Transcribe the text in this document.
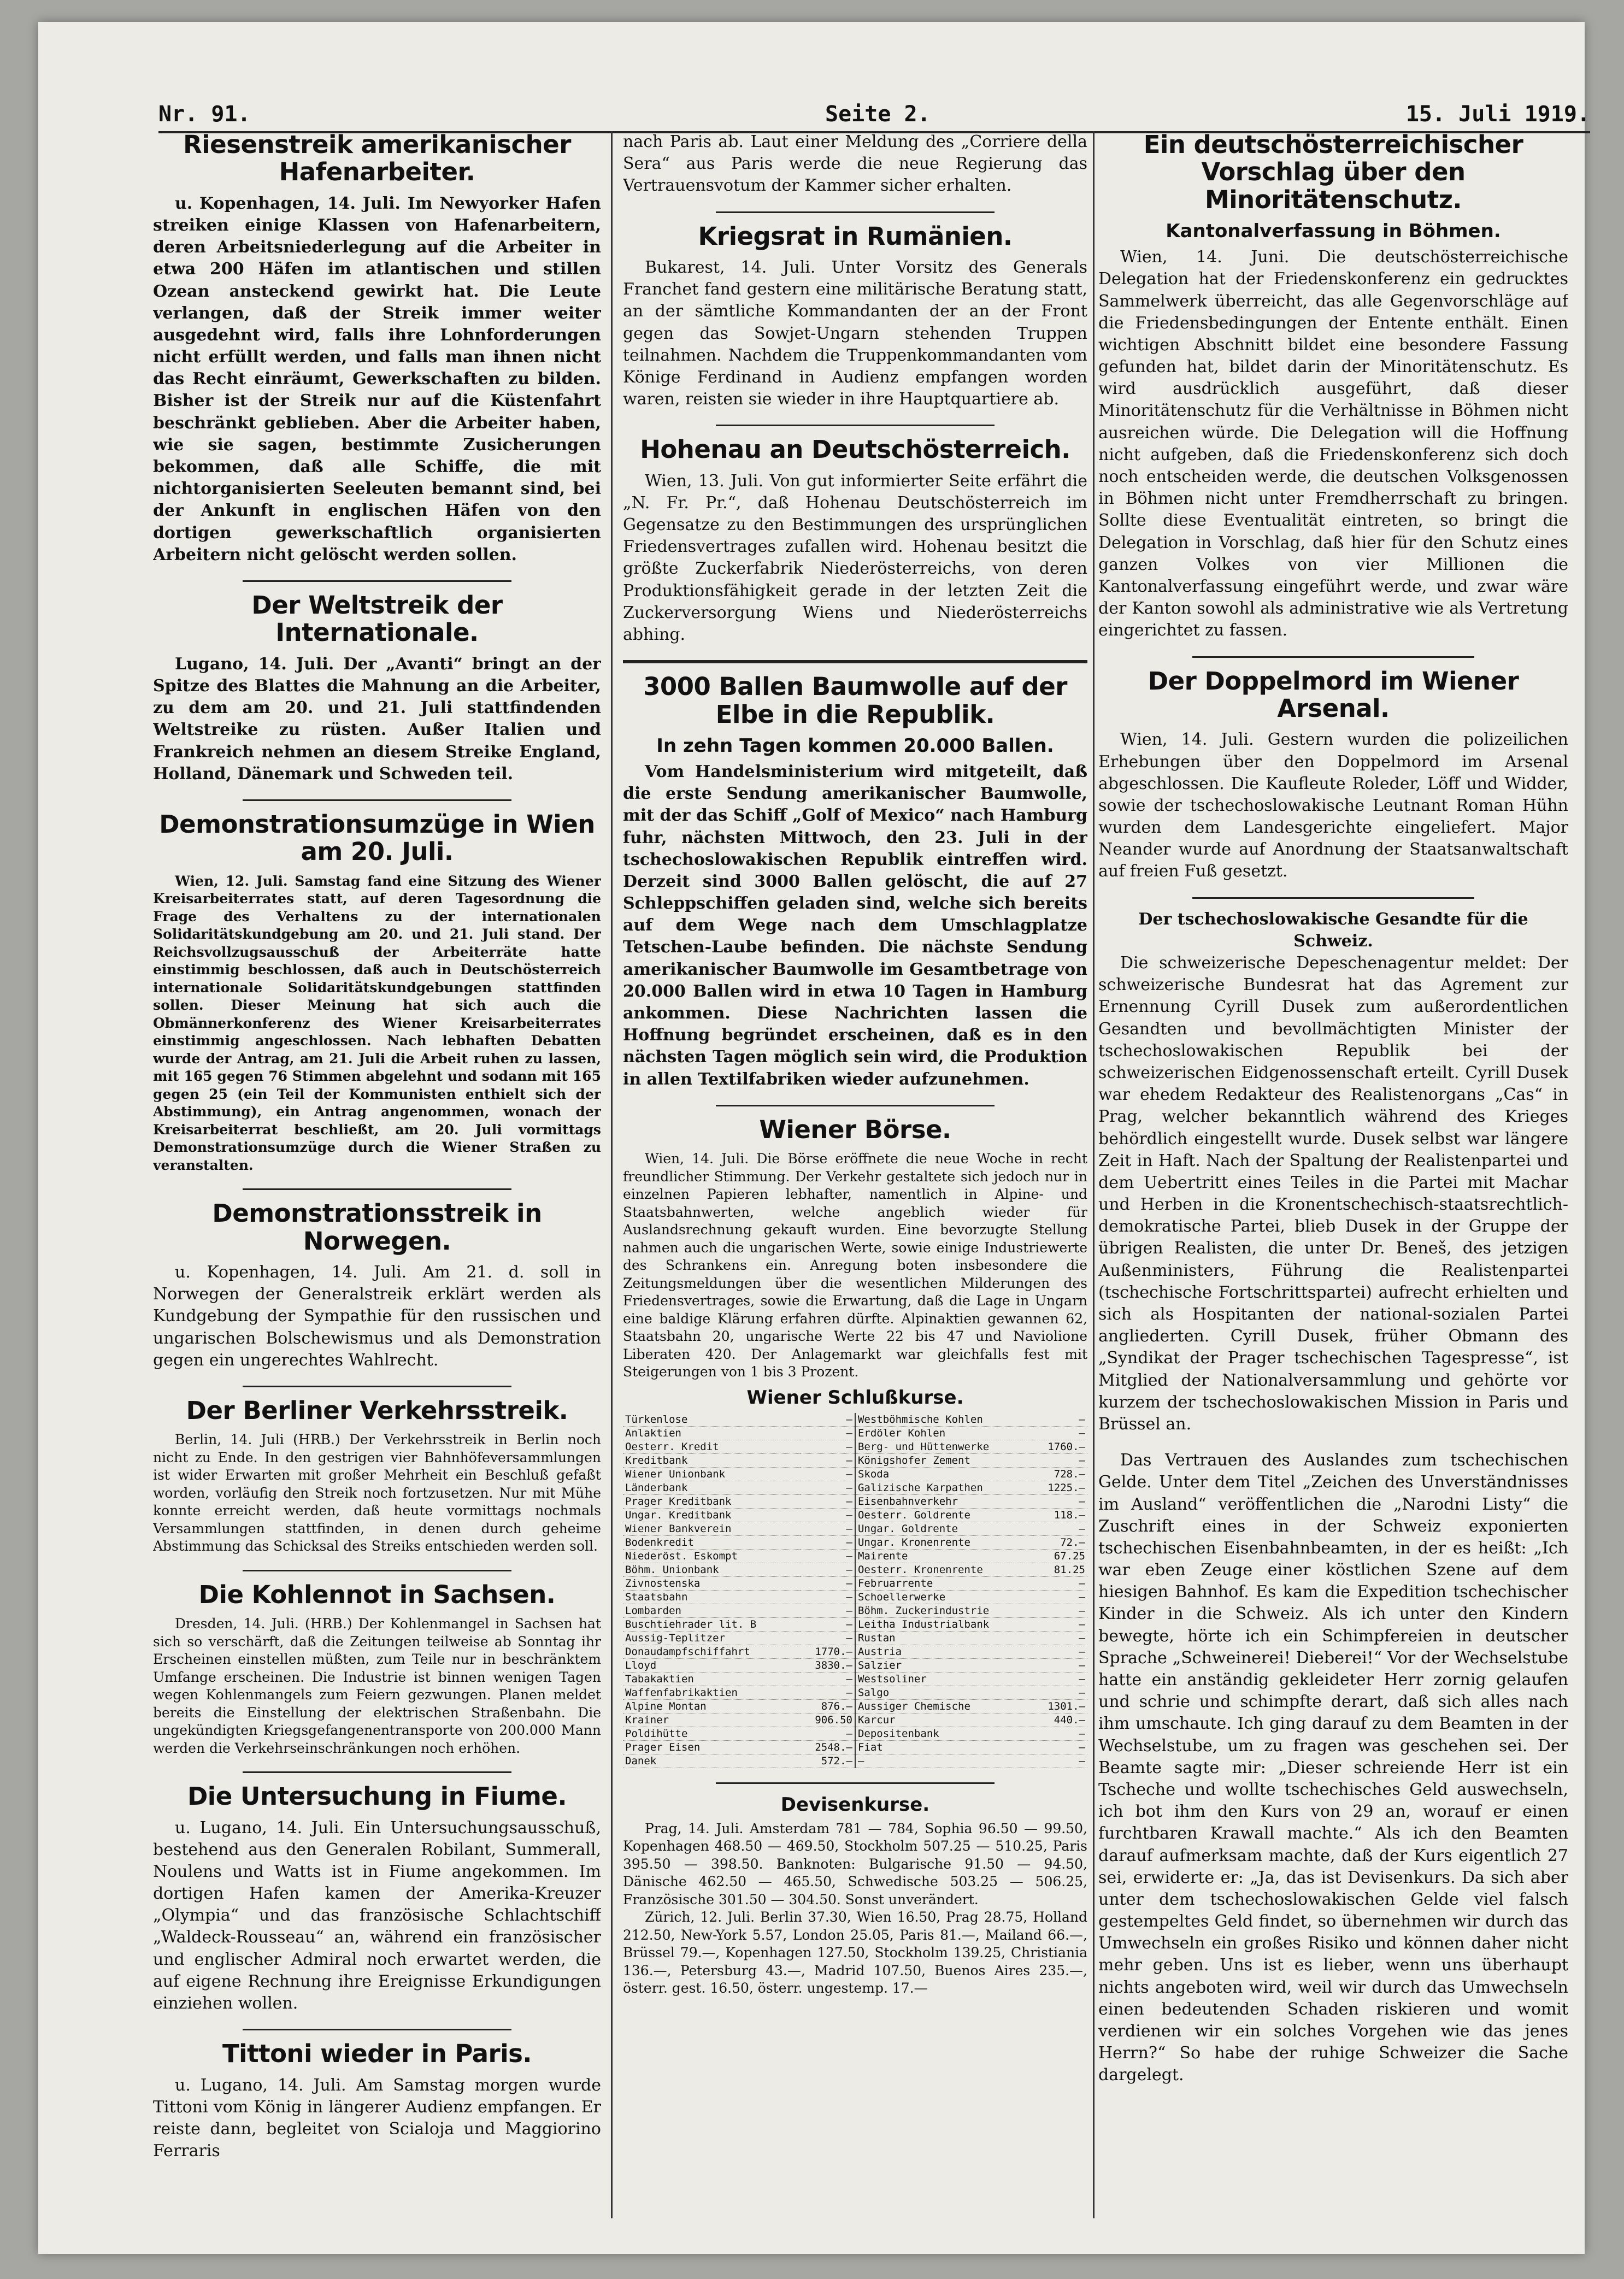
Nr. 91.	Seite 2.	15. Juli 1919.
Riesenstreik amerikanischer Hafenarbeiter.

u. Kopenhagen, 14. Juli. Im Newyorker Hafen streiken einige Klassen von Hafenarbeitern, deren Arbeitsniederlegung auf die Arbeiter in etwa 200 Häfen im atlantischen und stillen Ozean ansteckend gewirkt hat. Die Leute verlangen, daß der Streik immer weiter ausgedehnt wird, falls ihre Lohnforderungen nicht erfüllt werden, und falls man ihnen nicht das Recht einräumt, Gewerkschaften zu bilden. Bisher ist der Streik nur auf die Küstenfahrt beschränkt geblieben. Aber die Arbeiter haben, wie sie sagen, bestimmte Zusicherungen bekommen, daß alle Schiffe, die mit nichtorganisierten Seeleuten bemannt sind, bei der Ankunft in englischen Häfen von den dortigen gewerkschaftlich organisierten Arbeitern nicht gelöscht werden sollen.

Der Weltstreik der Internationale.

Lugano, 14. Juli. Der „Avanti“ bringt an der Spitze des Blattes die Mahnung an die Arbeiter, zu dem am 20. und 21. Juli stattfindenden Weltstreike zu rüsten. Außer Italien und Frankreich nehmen an diesem Streike England, Holland, Dänemark und Schweden teil.

Demonstrationsumzüge in Wien am 20. Juli.

Wien, 12. Juli. Samstag fand eine Sitzung des Wiener Kreisarbeiterrates statt, auf deren Tagesordnung die Frage des Verhaltens zu der internationalen Solidaritätskundgebung am 20. und 21. Juli stand. Der Reichsvollzugsausschuß der Arbeiterräte hatte einstimmig beschlossen, daß auch in Deutschösterreich internationale Solidaritätskundgebungen stattfinden sollen. Dieser Meinung hat sich auch die Obmännerkonferenz des Wiener Kreisarbeiterrates einstimmig angeschlossen. Nach lebhaften Debatten wurde der Antrag, am 21. Juli die Arbeit ruhen zu lassen, mit 165 gegen 76 Stimmen abgelehnt und sodann mit 165 gegen 25 (ein Teil der Kommunisten enthielt sich der Abstimmung), ein Antrag angenommen, wonach der Kreisarbeiterrat beschließt, am 20. Juli vormittags Demonstrationsumzüge durch die Wiener Straßen zu veranstalten.

Demonstrationsstreik in Norwegen.

u. Kopenhagen, 14. Juli. Am 21. d. soll in Norwegen der Generalstreik erklärt werden als Kundgebung der Sympathie für den russischen und ungarischen Bolschewismus und als Demonstration gegen ein ungerechtes Wahlrecht.

Der Berliner Verkehrsstreik.

Berlin, 14. Juli (HRB.) Der Verkehrsstreik in Berlin noch nicht zu Ende. In den gestrigen vier Bahnhöfeversammlungen ist wider Erwarten mit großer Mehrheit ein Beschluß gefaßt worden, vorläufig den Streik noch fortzusetzen. Nur mit Mühe konnte erreicht werden, daß heute vormittags nochmals Versammlungen stattfinden, in denen durch geheime Abstimmung das Schicksal des Streiks entschieden werden soll.

Die Kohlennot in Sachsen.

Dresden, 14. Juli. (HRB.) Der Kohlenmangel in Sachsen hat sich so verschärft, daß die Zeitungen teilweise ab Sonntag ihr Erscheinen einstellen müßten, zum Teile nur in beschränktem Umfange erscheinen. Die Industrie ist binnen wenigen Tagen wegen Kohlenmangels zum Feiern gezwungen. Planen meldet bereits die Einstellung der elektrischen Straßenbahn. Die ungekündigten Kriegsgefangenentransporte von 200.000 Mann werden die Verkehrseinschränkungen noch erhöhen.

Die Untersuchung in Fiume.

u. Lugano, 14. Juli. Ein Untersuchungsausschuß, bestehend aus den Generalen Robilant, Summerall, Noulens und Watts ist in Fiume angekommen. Im dortigen Hafen kamen der Amerika-Kreuzer „Olympia“ und das französische Schlachtschiff „Waldeck-Rousseau“ an, während ein französischer und englischer Admiral noch erwartet werden, die auf eigene Rechnung ihre Ereignisse Erkundigungen einziehen wollen.

Tittoni wieder in Paris.

u. Lugano, 14. Juli. Am Samstag morgen wurde Tittoni vom König in längerer Audienz empfangen. Er reiste dann, begleitet von Scialoja und Maggiorino Ferraris

nach Paris ab. Laut einer Meldung des „Corriere della Sera“ aus Paris werde die neue Regierung das Vertrauensvotum der Kammer sicher erhalten.

Kriegsrat in Rumänien.

Bukarest, 14. Juli. Unter Vorsitz des Generals Franchet fand gestern eine militärische Beratung statt, an der sämtliche Kommandanten der an der Front gegen das Sowjet-Ungarn stehenden Truppen teilnahmen. Nachdem die Truppenkommandanten vom Könige Ferdinand in Audienz empfangen worden waren, reisten sie wieder in ihre Hauptquartiere ab.

Hohenau an Deutschösterreich.

Wien, 13. Juli. Von gut informierter Seite erfährt die „N. Fr. Pr.“, daß Hohenau Deutschösterreich im Gegensatze zu den Bestimmungen des ursprünglichen Friedensvertrages zufallen wird. Hohenau besitzt die größte Zuckerfabrik Niederösterreichs, von deren Produktionsfähigkeit gerade in der letzten Zeit die Zuckerversorgung Wiens und Niederösterreichs abhing.

3000 Ballen Baumwolle auf der Elbe in die Republik.
In zehn Tagen kommen 20.000 Ballen.

Vom Handelsministerium wird mitgeteilt, daß die erste Sendung amerikanischer Baumwolle, mit der das Schiff „Golf of Mexico“ nach Hamburg fuhr, nächsten Mittwoch, den 23. Juli in der tschechoslowakischen Republik eintreffen wird. Derzeit sind 3000 Ballen gelöscht, die auf 27 Schleppschiffen geladen sind, welche sich bereits auf dem Wege nach dem Umschlagplatze Tetschen-Laube befinden. Die nächste Sendung amerikanischer Baumwolle im Gesamtbetrage von 20.000 Ballen wird in etwa 10 Tagen in Hamburg ankommen. Diese Nachrichten lassen die Hoffnung begründet erscheinen, daß es in den nächsten Tagen möglich sein wird, die Produktion in allen Textilfabriken wieder aufzunehmen.

Wiener Börse.

Wien, 14. Juli. Die Börse eröffnete die neue Woche in recht freundlicher Stimmung. Der Verkehr gestaltete sich jedoch nur in einzelnen Papieren lebhafter, namentlich in Alpine- und Staatsbahnwerten, welche angeblich wieder für Auslandsrechnung gekauft wurden. Eine bevorzugte Stellung nahmen auch die ungarischen Werte, sowie einige Industriewerte des Schrankens ein. Anregung boten insbesondere die Zeitungsmeldungen über die wesentlichen Milderungen des Friedensvertrages, sowie die Erwartung, daß die Lage in Ungarn eine baldige Klärung erfahren dürfte. Alpinaktien gewannen 62, Staatsbahn 20, ungarische Werte 22 bis 47 und Naviolione Liberaten 420. Der Anlagemarkt war gleichfalls fest mit Steigerungen von 1 bis 3 Prozent.

Wiener Schlußkurse.
Türkenlose	—	Westböhmische Kohlen	—
Anlaktien	—	Erdöler Kohlen	—
Oesterr. Kredit	—	Berg- und Hüttenwerke	1760.—
Kreditbank	—	Königshofer Zement	—
Wiener Unionbank	—	Skoda	728.—
Länderbank	—	Galizische Karpathen	1225.—
Prager Kreditbank	—	Eisenbahnverkehr	—
Ungar. Kreditbank	—	Oesterr. Goldrente	118.—
Wiener Bankverein	—	Ungar. Goldrente	—
Bodenkredit	—	Ungar. Kronenrente	72.—
Niederöst. Eskompt	—	Mairente	67.25
Böhm. Unionbank	—	Oesterr. Kronenrente	81.25
Zivnostenska	—	Februarrente	—
Staatsbahn	—	Schoellerwerke	—
Lombarden	—	Böhm. Zuckerindustrie	—
Buschtiehrader lit. B	—	Leitha Industrialbank	—
Aussig-Teplitzer	—	Rustan	—
Donaudampfschiffahrt	1770.—	Austria	—
Lloyd	3830.—	Salzier	—
Tabakaktien	—	Westsoliner	—
Waffenfabrikaktien	—	Salgo	—
Alpine Montan	876.—	Aussiger Chemische	1301.—
Krainer	906.50	Karcur	440.—
Poldihütte	—	Depositenbank	—
Prager Eisen	2548.—	Fiat	—
Danek	572.—	—	—
Devisenkurse.

Prag, 14. Juli. Amsterdam 781 — 784, Sophia 96.50 — 99.50, Kopenhagen 468.50 — 469.50, Stockholm 507.25 — 510.25, Paris 395.50 — 398.50. Banknoten: Bulgarische 91.50 — 94.50, Dänische 462.50 — 465.50, Schwedische 503.25 — 506.25, Französische 301.50 — 304.50. Sonst unverändert.

Zürich, 12. Juli. Berlin 37.30, Wien 16.50, Prag 28.75, Holland 212.50, New-York 5.57, London 25.05, Paris 81.—, Mailand 66.—, Brüssel 79.—, Kopenhagen 127.50, Stockholm 139.25, Christiania 136.—, Petersburg 43.—, Madrid 107.50, Buenos Aires 235.—, österr. gest. 16.50, österr. ungestemp. 17.—

Ein deutschösterreichischer Vorschlag über den Minoritätenschutz.
Kantonalverfassung in Böhmen.

Wien, 14. Juni. Die deutschösterreichische Delegation hat der Friedenskonferenz ein gedrucktes Sammelwerk überreicht, das alle Gegenvorschläge auf die Friedensbedingungen der Entente enthält. Einen wichtigen Abschnitt bildet eine besondere Fassung gefunden hat, bildet darin der Minoritätenschutz. Es wird ausdrücklich ausgeführt, daß dieser Minoritätenschutz für die Verhältnisse in Böhmen nicht ausreichen würde. Die Delegation will die Hoffnung nicht aufgeben, daß die Friedenskonferenz sich doch noch entscheiden werde, die deutschen Volksgenossen in Böhmen nicht unter Fremdherrschaft zu bringen. Sollte diese Eventualität eintreten, so bringt die Delegation in Vorschlag, daß hier für den Schutz eines ganzen Volkes von vier Millionen die Kantonalverfassung eingeführt werde, und zwar wäre der Kanton sowohl als administrative wie als Vertretung eingerichtet zu fassen.

Der Doppelmord im Wiener Arsenal.

Wien, 14. Juli. Gestern wurden die polizeilichen Erhebungen über den Doppelmord im Arsenal abgeschlossen. Die Kaufleute Roleder, Löff und Widder, sowie der tschechoslowakische Leutnant Roman Hühn wurden dem Landesgerichte eingeliefert. Major Neander wurde auf Anordnung der Staatsanwaltschaft auf freien Fuß gesetzt.

Der tschechoslowakische Gesandte für die Schweiz.

Die schweizerische Depeschenagentur meldet: Der schweizerische Bundesrat hat das Agrement zur Ernennung Cyrill Dusek zum außerordentlichen Gesandten und bevollmächtigten Minister der tschechoslowakischen Republik bei der schweizerischen Eidgenossenschaft erteilt. Cyrill Dusek war ehedem Redakteur des Realistenorgans „Cas“ in Prag, welcher bekanntlich während des Krieges behördlich eingestellt wurde. Dusek selbst war längere Zeit in Haft. Nach der Spaltung der Realistenpartei und dem Uebertritt eines Teiles in die Partei mit Machar und Herben in die Kronentschechisch-staatsrechtlich-demokratische Partei, blieb Dusek in der Gruppe der übrigen Realisten, die unter Dr. Beneš, des jetzigen Außenministers, Führung die Realistenpartei (tschechische Fortschrittspartei) aufrecht erhielten und sich als Hospitanten der national-sozialen Partei angliederten. Cyrill Dusek, früher Obmann des „Syndikat der Prager tschechischen Tagespresse“, ist Mitglied der Nationalversammlung und gehörte vor kurzem der tschechoslowakischen Mission in Paris und Brüssel an.

Das Vertrauen des Auslandes zum tschechischen Gelde. Unter dem Titel „Zeichen des Unverständnisses im Ausland“ veröffentlichen die „Narodni Listy“ die Zuschrift eines in der Schweiz exponierten tschechischen Eisenbahnbeamten, in der es heißt: „Ich war eben Zeuge einer köstlichen Szene auf dem hiesigen Bahnhof. Es kam die Expedition tschechischer Kinder in die Schweiz. Als ich unter den Kindern bewegte, hörte ich ein Schimpfereien in deutscher Sprache „Schweinerei! Dieberei!“ Vor der Wechselstube hatte ein anständig gekleideter Herr zornig gelaufen und schrie und schimpfte derart, daß sich alles nach ihm umschaute. Ich ging darauf zu dem Beamten in der Wechselstube, um zu fragen was geschehen sei. Der Beamte sagte mir: „Dieser schreiende Herr ist ein Tscheche und wollte tschechisches Geld auswechseln, ich bot ihm den Kurs von 29 an, worauf er einen furchtbaren Krawall machte.“ Als ich den Beamten darauf aufmerksam machte, daß der Kurs eigentlich 27 sei, erwiderte er: „Ja, das ist Devisenkurs. Da sich aber unter dem tschechoslowakischen Gelde viel falsch gestempeltes Geld findet, so übernehmen wir durch das Umwechseln ein großes Risiko und können daher nicht mehr geben. Uns ist es lieber, wenn uns überhaupt nichts angeboten wird, weil wir durch das Umwechseln einen bedeutenden Schaden riskieren und womit verdienen wir ein solches Vorgehen wie das jenes Herrn?“ So habe der ruhige Schweizer die Sache dargelegt.
